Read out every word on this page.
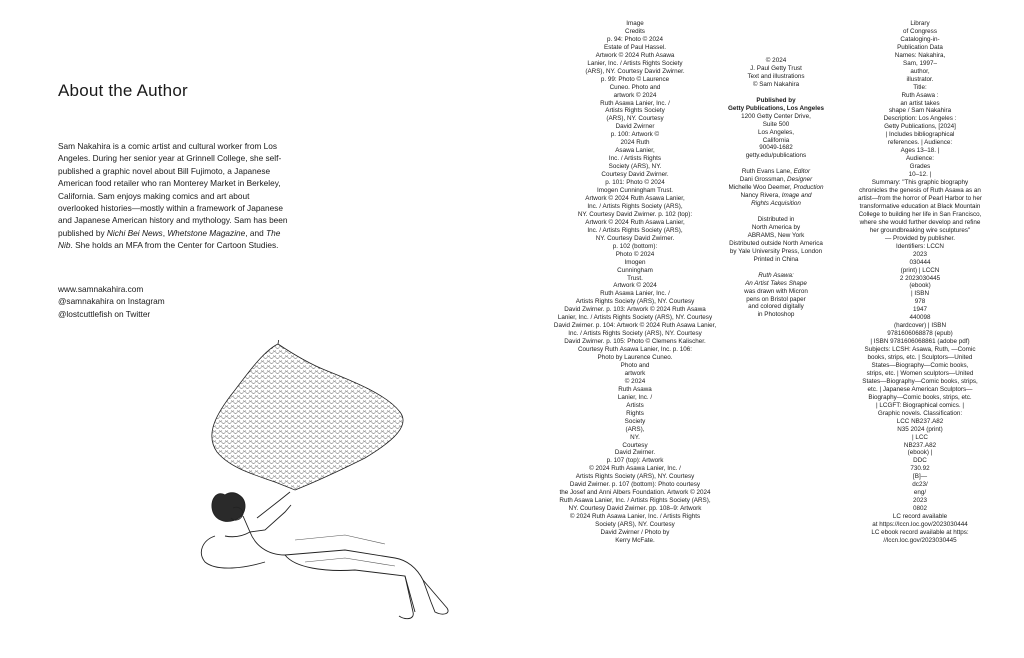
About the Author

Sam Nakahira is a comic artist and cultural worker from Los Angeles. During her senior year at Grinnell College, she self-published a graphic novel about Bill Fujimoto, a Japanese American food retailer who ran Monterey Market in Berkeley, California. Sam enjoys making comics and art about overlooked histories—mostly within a framework of Japanese and Japanese American history and mythology. Sam has been published by Nichi Bei News, Whetstone Magazine, and The Nib. She holds an MFA from the Center for Cartoon Studies.

www.samnakahira.com
@samnakahira on Instagram
@lostcuttlefish on Twitter
Image
Credits
p. 94: Photo © 2024
Estate of Paul Hassel.
Artwork © 2024 Ruth Asawa
Lanier, Inc. / Artists Rights Society
(ARS), NY. Courtesy David Zwirner.
p. 99: Photo © Laurence
Cuneo. Photo and
artwork © 2024
Ruth Asawa Lanier, Inc. /
Artists Rights Society
(ARS), NY. Courtesy
David Zwirner
p. 100: Artwork ©
2024 Ruth
Asawa Lanier,
Inc. / Artists Rights
Society (ARS), NY.
Courtesy David Zwirner.
p. 101: Photo © 2024
Imogen Cunningham Trust.
Artwork © 2024 Ruth Asawa Lanier,
Inc. / Artists Rights Society (ARS),
NY. Courtesy David Zwirner. p. 102 (top):
Artwork © 2024 Ruth Asawa Lanier,
Inc. / Artists Rights Society (ARS),
NY. Courtesy David Zwirner.
p. 102 (bottom):
Photo © 2024
Imogen
Cunningham
Trust.
Artwork © 2024
Ruth Asawa Lanier, Inc. /
Artists Rights Society (ARS), NY. Courtesy
David Zwirner. p. 103: Artwork © 2024 Ruth Asawa
Lanier, Inc. / Artists Rights Society (ARS), NY. Courtesy
David Zwirner. p. 104: Artwork © 2024 Ruth Asawa Lanier,
Inc. / Artists Rights Society (ARS), NY. Courtesy
David Zwirner. p. 105: Photo © Clemens Kalischer.
Courtesy Ruth Asawa Lanier, Inc. p. 106:
Photo by Laurence Cuneo.
Photo and
artwork
© 2024
Ruth Asawa
Lanier, Inc. /
Artists
Rights
Society
(ARS),
NY.
Courtesy
David Zwirner.
p. 107 (top): Artwork
© 2024 Ruth Asawa Lanier, Inc. /
Artists Rights Society (ARS), NY. Courtesy
David Zwirner. p. 107 (bottom): Photo courtesy
the Josef and Anni Albers Foundation. Artwork © 2024
Ruth Asawa Lanier, Inc. / Artists Rights Society (ARS),
NY. Courtesy David Zwirner. pp. 108–9: Artwork
© 2024 Ruth Asawa Lanier, Inc. / Artists Rights
Society (ARS), NY. Courtesy
David Zwirner / Photo by
Kerry McFate.
© 2024
J. Paul Getty Trust
Text and illustrations
© Sam Nakahira
Published by
Getty Publications, Los Angeles
1200 Getty Center Drive,
Suite 500
Los Angeles,
California
90049-1682
getty.edu/publications
Ruth Evans Lane, Editor
Dani Grossman, Designer
Michelle Woo Deemer, Production
Nancy Rivera, Image and
Rights Acquisition
Distributed in
North America by
ABRAMS, New York
Distributed outside North America
by Yale University Press, London
Printed in China
Ruth Asawa:
An Artist Takes Shape
was drawn with Micron
pens on Bristol paper
and colored digitally
in Photoshop
Library
of Congress
Cataloging-in-
Publication Data
Names: Nakahira,
Sam, 1997–
author,
illustrator.
Title:
Ruth Asawa :
an artist takes
shape / Sam Nakahira
Description: Los Angeles :
Getty Publications, [2024]
| Includes bibliographical
references. | Audience:
Ages 13–18. |
Audience:
Grades
10–12. |
Summary: "This graphic biography
chronicles the genesis of Ruth Asawa as an
artist—from the horror of Pearl Harbor to her
transformative education at Black Mountain
College to building her life in San Francisco,
where she would further develop and refine
her groundbreaking wire sculptures"
— Provided by publisher.
Identifiers: LCCN
2023
030444
(print) | LCCN
2 2023030445
(ebook)
| ISBN
978
1947
440098
(hardcover) | ISBN
9781606068878 (epub)
| ISBN 9781606068861 (adobe pdf)
Subjects: LCSH: Asawa, Ruth, —Comic
books, strips, etc. | Sculptors—United
States—Biography—Comic books,
strips, etc. | Women sculptors—United
States—Biography—Comic books, strips,
etc. | Japanese American Sculptors—
Biography—Comic books, strips, etc.
| LCGFT: Biographical comics. |
Graphic novels. Classification:
LCC NB237.A82
N35 2024 (print)
| LCC
NB237.A82
(ebook) |
DDC
730.92
[B]—
dc23/
eng/
2023
0802
LC record available
at https://lccn.loc.gov/2023030444
LC ebook record available at https:
//lccn.loc.gov/2023030445
